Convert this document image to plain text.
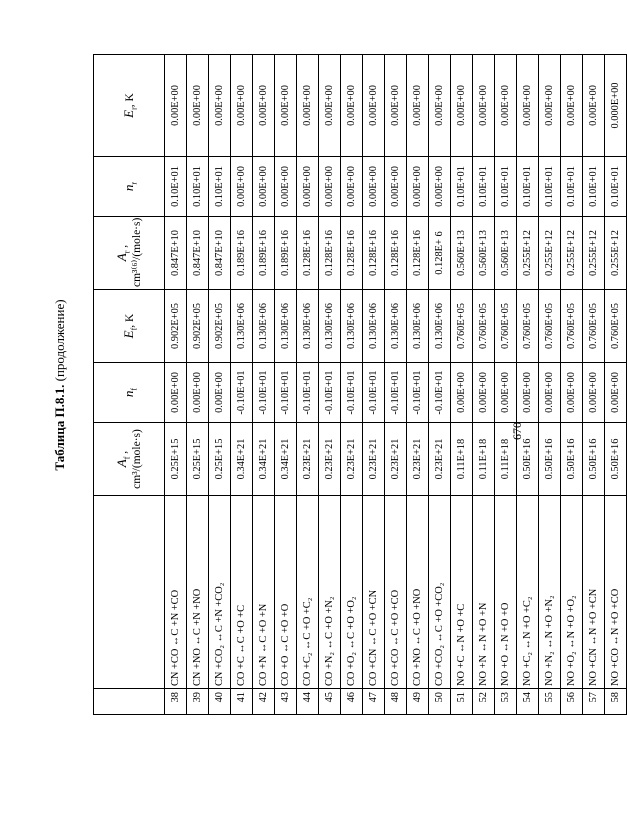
Таблица П.8.1. (продолжение)
		$A_f$ , cm³/(mole·s)	$n_f$	$E_f$, K	$A_r$ , cm³⁽⁶⁾/(mole·s)	$n_r$	$E_r$, K
38	CN +CO ↔C +N +CO	0.25E+15	0.00E+00	0.902E+05	0.847E+10	0.10E+01	0.00E+00
39	CN +NO ↔C +N +NO	0.25E+15	0.00E+00	0.902E+05	0.847E+10	0.10E+01	0.00E+00
40	CN +CO₂ ↔C +N +CO₂	0.25E+15	0.00E+00	0.902E+05	0.847E+10	0.10E+01	0.00E+00
41	CO +C ↔C +O +C	0.34E+21	-0.10E+01	0.130E+06	0.189E+16	0.00E+00	0.00E+00
42	CO +N ↔C +O +N	0.34E+21	-0.10E+01	0.130E+06	0.189E+16	0.00E+00	0.00E+00
43	CO +O ↔C +O +O	0.34E+21	-0.10E+01	0.130E+06	0.189E+16	0.00E+00	0.00E+00
44	CO +C₂ ↔C +O +C₂	0.23E+21	-0.10E+01	0.130E+06	0.128E+16	0.00E+00	0.00E+00
45	CO +N₂ ↔C +O +N₂	0.23E+21	-0.10E+01	0.130E+06	0.128E+16	0.00E+00	0.00E+00
46	CO +O₂ ↔C +O +O₂	0.23E+21	-0.10E+01	0.130E+06	0.128E+16	0.00E+00	0.00E+00
47	CO +CN ↔C +O +CN	0.23E+21	-0.10E+01	0.130E+06	0.128E+16	0.00E+00	0.00E+00
48	CO +CO ↔C +O +CO	0.23E+21	-0.10E+01	0.130E+06	0.128E+16	0.00E+00	0.00E+00
49	CO +NO ↔C +O +NO	0.23E+21	-0.10E+01	0.130E+06	0.128E+16	0.00E+00	0.00E+00
50	CO +CO₂ ↔C +O +CO₂	0.23E+21	-0.10E+01	0.130E+06	0.128E+ 6	0.00E+00	0.00E+00
51	NO +C ↔N +O +C	0.11E+18	0.00E+00	0.760E+05	0.560E+13	0.10E+01	0.00E+00
52	NO +N ↔N +O +N	0.11E+18	0.00E+00	0.760E+05	0.560E+13	0.10E+01	0.00E+00
53	NO +O ↔N +O +O	0.11E+18	0.00E+00	0.760E+05	0.560E+13	0.10E+01	0.00E+00
54	NO +C₂ ↔N +O +C₂	0.50E+16	0.00E+00	0.760E+05	0.255E+12	0.10E+01	0.00E+00
55	NO +N₂ ↔N +O +N₂	0.50E+16	0.00E+00	0.760E+05	0.255E+12	0.10E+01	0.00E+00
56	NO +O₂ ↔N +O +O₂	0.50E+16	0.00E+00	0.760E+05	0.255E+12	0.10E+01	0.00E+00
57	NO +CN ↔N +O +CN	0.50E+16	0.00E+00	0.760E+05	0.255E+12	0.10E+01	0.00E+00
58	NO +CO ↔N +O +CO	0.50E+16	0.00E+00	0.760E+05	0.255E+12	0.10E+01	0.000E+00
670
